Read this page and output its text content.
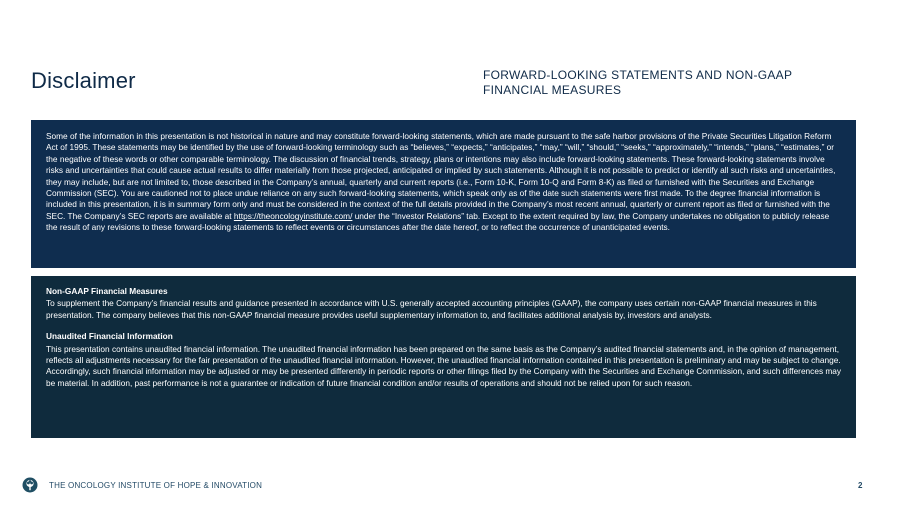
Disclaimer	FORWARD-LOOKING STATEMENTS AND NON-GAAP FINANCIAL MEASURES

Some of the information in this presentation is not historical in nature and may constitute forward-looking statements, which are made pursuant to the safe harbor provisions of the Private Securities Litigation Reform Act of 1995. These statements may be identified by the use of forward-looking terminology such as “believes,” “expects,” “anticipates,” “may,” “will,” “should,” “seeks,” “approximately,” “intends,” “plans,” “estimates,” or the negative of these words or other comparable terminology. The discussion of financial trends, strategy, plans or intentions may also include forward-looking statements. These forward-looking statements involve risks and uncertainties that could cause actual results to differ materially from those projected, anticipated or implied by such statements. Although it is not possible to predict or identify all such risks and uncertainties, they may include, but are not limited to, those described in the Company’s annual, quarterly and current reports (i.e., Form 10-K, Form 10-Q and Form 8-K) as filed or furnished with the Securities and Exchange Commission (SEC). You are cautioned not to place undue reliance on any such forward-looking statements, which speak only as of the date such statements were first made. To the degree financial information is included in this presentation, it is in summary form only and must be considered in the context of the full details provided in the Company’s most recent annual, quarterly or current report as filed or furnished with the SEC. The Company’s SEC reports are available at https://theoncologyinstitute.com/ under the “Investor Relations” tab. Except to the extent required by law, the Company undertakes no obligation to publicly release the result of any revisions to these forward-looking statements to reflect events or circumstances after the date hereof, or to reflect the occurrence of unanticipated events.

Non-GAAP Financial Measures

To supplement the Company’s financial results and guidance presented in accordance with U.S. generally accepted accounting principles (GAAP), the company uses certain non-GAAP financial measures in this presentation. The company believes that this non-GAAP financial measure provides useful supplementary information to, and facilitates additional analysis by, investors and analysts.

Unaudited Financial Information

This presentation contains unaudited financial information. The unaudited financial information has been prepared on the same basis as the Company’s audited financial statements and, in the opinion of management, reflects all adjustments necessary for the fair presentation of the unaudited financial information. However, the unaudited financial information contained in this presentation is preliminary and may be subject to change. Accordingly, such financial information may be adjusted or may be presented differently in periodic reports or other filings filed by the Company with the Securities and Exchange Commission, and such differences may be material. In addition, past performance is not a guarantee or indication of future financial condition and/or results of operations and should not be relied upon for such reason.

THE ONCOLOGY INSTITUTE OF HOPE & INNOVATION	2
